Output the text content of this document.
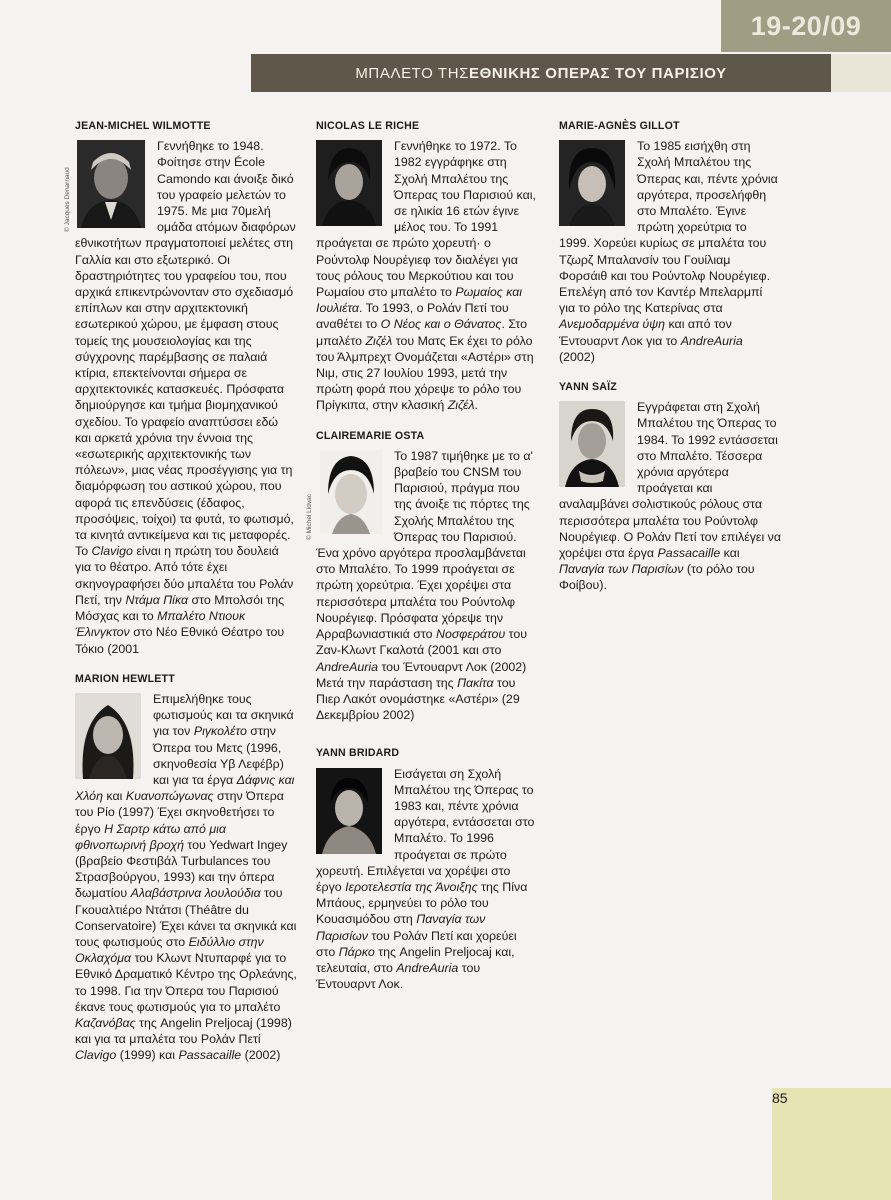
19-20/09
ΜΠΑΛΕΤΟ ΤΗΣ ΕΘΝΙΚΗΣ ΟΠΕΡΑΣ ΤΟΥ ΠΑΡΙΣΙΟΥ
JEAN-MICHEL WILMOTTE

Γεννήθηκε το 1948. Φοίτησε στην École Camondo και άνοιξε δικό του γραφείο μελετών το 1975. Με μια 70μελή ομάδα ατόμων διαφόρων εθνικοτήτων πραγματοποιεί μελέτες στη Γαλλία και στο εξωτερικό. Οι δραστηριότητες του γραφείου του, που αρχικά επικεντρώνονταν στο σχεδιασμό επίπλων και στην αρχιτεκτονική εσωτερικού χώρου, με έμφαση στους τομείς της μουσειολογίας και της σύγχρονης παρέμβασης σε παλαιά κτίρια, επεκτείνονται σήμερα σε αρχιτεκτονικές κατασκευές. Πρόσφατα δημιούργησε και τμήμα βιομηχανικού σχεδίου. Το γραφείο αναπτύσσει εδώ και αρκετά χρόνια την έννοια της «εσωτερικής αρχιτεκτονικής των πόλεων», μιας νέας προσέγγισης για τη διαμόρφωση του αστικού χώρου, που αφορά τις επενδύσεις (έδαφος, προσόψεις, τοίχοι) τα φυτά, το φωτισμό, τα κινητά αντικείμενα και τις μεταφορές. Το Clavigo είναι η πρώτη του δουλειά για το θέατρο. Από τότε έχει σκηνογραφήσει δύο μπαλέτα του Ρολάν Πετί, την Ντάμα Πίκα στο Μπολσόι της Μόσχας και το Μπαλέτο Ντιουκ Έλινγκτον στο Νέο Εθνικό Θέατρο του Τόκιο (2001

MARION HEWLETT

Επιμελήθηκε τους φωτισμούς και τα σκηνικά για τον Ριγκολέτο στην Όπερα του Μετς (1996, σκηνοθεσία Υβ Λεφέβρ) και για τα έργα Δάφνις και Χλόη και Κυανοπώγωνας στην Όπερα του Ρίο (1997) Έχει σκηνοθετήσει το έργο Η Σαρτρ κάτω από μια φθινοπωρινή βροχή του Yedwart Ingey (βραβείο Φεστιβάλ Turbulances του Στρασβούργου, 1993) και την όπερα δωματίου Αλαβάστρινα λουλούδια του Γκουαλτιέρο Ντάτσι (Théâtre du Conservatoire) Έχει κάνει τα σκηνικά και τους φωτισμούς στο Ειδύλλιο στην Οκλαχόμα του Κλωντ Ντυπαρφέ για το Εθνικό Δραματικό Κέντρο της Ορλεάνης, το 1998. Για την Όπερα του Παρισιού έκανε τους φωτισμούς για το μπαλέτο Καζανόβας της Angelin Preljocaj (1998) και για τα μπαλέτα του Ρολάν Πετί Clavigo (1999) και Passacaille (2002)

NICOLAS LE RICHE

Γεννήθηκε το 1972. Το 1982 εγγράφηκε στη Σχολή Μπαλέτου της Όπερας του Παρισιού και, σε ηλικία 16 ετών έγινε μέλος του. Το 1991 προάγεται σε πρώτο χορευτή· ο Ρούντολφ Νουρέγιεφ τον διαλέγει για τους ρόλους του Μερκούτιου και του Ρωμαίου στο μπαλέτο το Ρωμαίος και Ιουλιέτα. Το 1993, ο Ρολάν Πετί του αναθέτει το Ο Νέος και ο Θάνατος. Στο μπαλέτο Ζιζέλ του Ματς Εκ έχει το ρόλο του Άλμπρεχτ Ονομάζεται «Αστέρι» στη Νιμ, στις 27 Ιουλίου 1993, μετά την πρώτη φορά που χόρεψε το ρόλο του Πρίγκιπα, στην κλασική Ζιζέλ.

CLAIREMARIE OSTA

Το 1987 τιμήθηκε με το α' βραβείο του CNSM του Παρισιού, πράγμα που της άνοιξε τις πόρτες της Σχολής Μπαλέτου της Όπερας του Παρισιού. Ένα χρόνο αργότερα προσλαμβάνεται στο Μπαλέτο. Το 1999 προάγεται σε πρώτη χορεύτρια. Έχει χορέψει στα περισσότερα μπαλέτα του Ρούντολφ Νουρέγιεφ. Πρόσφατα χόρεψε την Αρραβωνιαστικιά στο Νοσφεράτου του Ζαν-Κλωντ Γκαλοτά (2001 και στο AndreAuria του Έντουαρντ Λοκ (2002) Μετά την παράσταση της Πακίτα του Πιερ Λακότ ονομάστηκε «Αστέρι» (29 Δεκεμβρίου 2002)

YANN BRIDARD

Εισάγεται ση Σχολή Μπαλέτου της Όπερας το 1983 και, πέντε χρόνια αργότερα, εντάσσεται στο Μπαλέτο. Το 1996 προάγεται σε πρώτο χορευτή. Επιλέγεται να χορέψει στο έργο Ιεροτελεστία της Άνοιξης της Πίνα Μπάους, ερμηνεύει το ρόλο του Κουασιμόδου στη Παναγία των Παρισίων του Ρολάν Πετί και χορεύει στο Πάρκο της Angelin Preljocaj και, τελευταία, στο AndreAuria του Έντουαρντ Λοκ.

MARIE-AGNÈS GILLOT

Το 1985 εισήχθη στη Σχολή Μπαλέτου της Όπερας και, πέντε χρόνια αργότερα, προσελήφθη στο Μπαλέτο. Έγινε πρώτη χορεύτρια το 1999. Χορεύει κυρίως σε μπαλέτα του Τζωρζ Μπαλανσίν του Γουίλιαμ Φορσάιθ και του Ρούντολφ Νουρέγιεφ. Επελέγη από τον Καντέρ Μπελαρμπί για το ρόλο της Κατερίνας στα Ανεμοδαρμένα ύψη και από τον Έντουαρντ Λοκ για το AndreAuria (2002)

YANN SAÏZ

Εγγράφεται στη Σχολή Μπαλέτου της Όπερας το 1984. Το 1992 εντάσσεται στο Μπαλέτο. Τέσσερα χρόνια αργότερα προάγεται και αναλαμβάνει σολιστικούς ρόλους στα περισσότερα μπαλέτα του Ρούντολφ Νουρέγιεφ. Ο Ρολάν Πετί τον επιλέγει να χορέψει στα έργα Passacaille και Παναγία των Παρισίων (το ρόλο του Φοίβου).

© Jacques Denarnaud
© Michel Lidvac
85
